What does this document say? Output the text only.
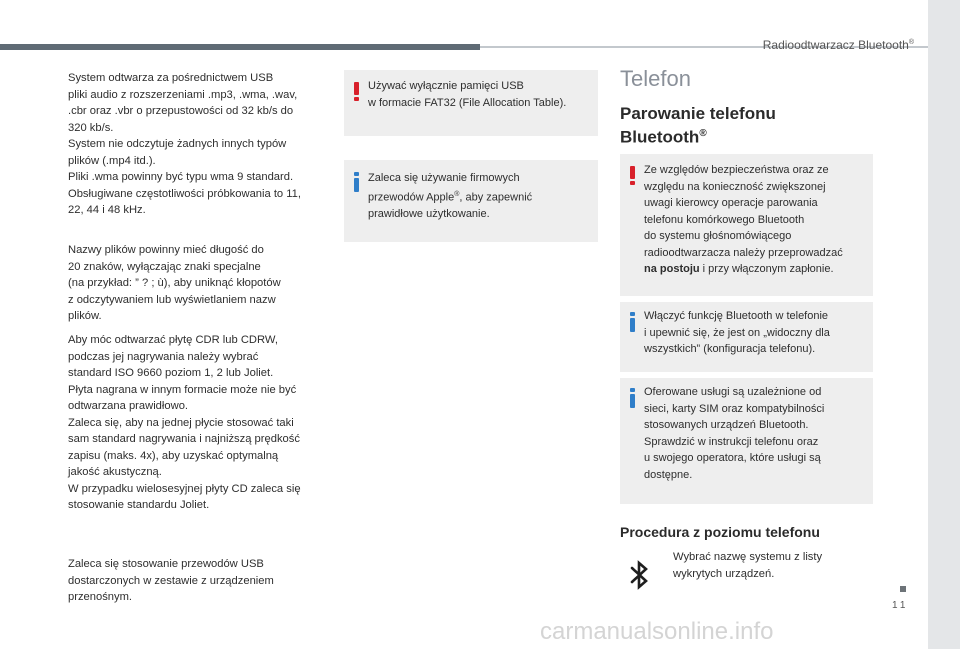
Radioodtwarzacz Bluetooth®
11
System odtwarza za pośrednictwem USB
pliki audio z rozszerzeniami .mp3, .wma, .wav,
.cbr oraz .vbr o przepustowości od 32 kb/s do
320 kb/s.
System nie odczytuje żadnych innych typów
plików (.mp4 itd.).
Pliki .wma powinny być typu wma 9 standard.
Obsługiwane częstotliwości próbkowania to 11,
22, 44 i 48 kHz.
Nazwy plików powinny mieć długość do
20 znaków, wyłączając znaki specjalne
(na przykład: ” ? ; ù), aby uniknąć kłopotów
z odczytywaniem lub wyświetlaniem nazw
plików.
Aby móc odtwarzać płytę CDR lub CDRW,
podczas jej nagrywania należy wybrać
standard ISO 9660 poziom 1, 2 lub Joliet.
Płyta nagrana w innym formacie może nie być
odtwarzana prawidłowo.
Zaleca się, aby na jednej płycie stosować taki
sam standard nagrywania i najniższą prędkość
zapisu (maks. 4x), aby uzyskać optymalną
jakość akustyczną.
W przypadku wielosesyjnej płyty CD zaleca się
stosowanie standardu Joliet.
Zaleca się stosowanie przewodów USB
dostarczonych w zestawie z urządzeniem
przenośnym.
Używać wyłącznie pamięci USB
w formacie FAT32 (File Allocation Table).
Zaleca się używanie firmowych
przewodów Apple®, aby zapewnić
prawidłowe użytkowanie.
Telefon
Parowanie telefonu
Bluetooth®
Ze względów bezpieczeństwa oraz ze
względu na konieczność zwiększonej
uwagi kierowcy operacje parowania
telefonu komórkowego Bluetooth
do systemu głośnomówiącego
radioodtwarzacza należy przeprowadzać
na postoju i przy włączonym zapłonie.
Włączyć funkcję Bluetooth w telefonie
i upewnić się, że jest on „widoczny dla
wszystkich” (konfiguracja telefonu).
Oferowane usługi są uzależnione od
sieci, karty SIM oraz kompatybilności
stosowanych urządzeń Bluetooth.
Sprawdzić w instrukcji telefonu oraz
u swojego operatora, które usługi są
dostępne.
Procedura z poziomu telefonu
Wybrać nazwę systemu z listy
wykrytych urządzeń.
carmanualsonline.info
